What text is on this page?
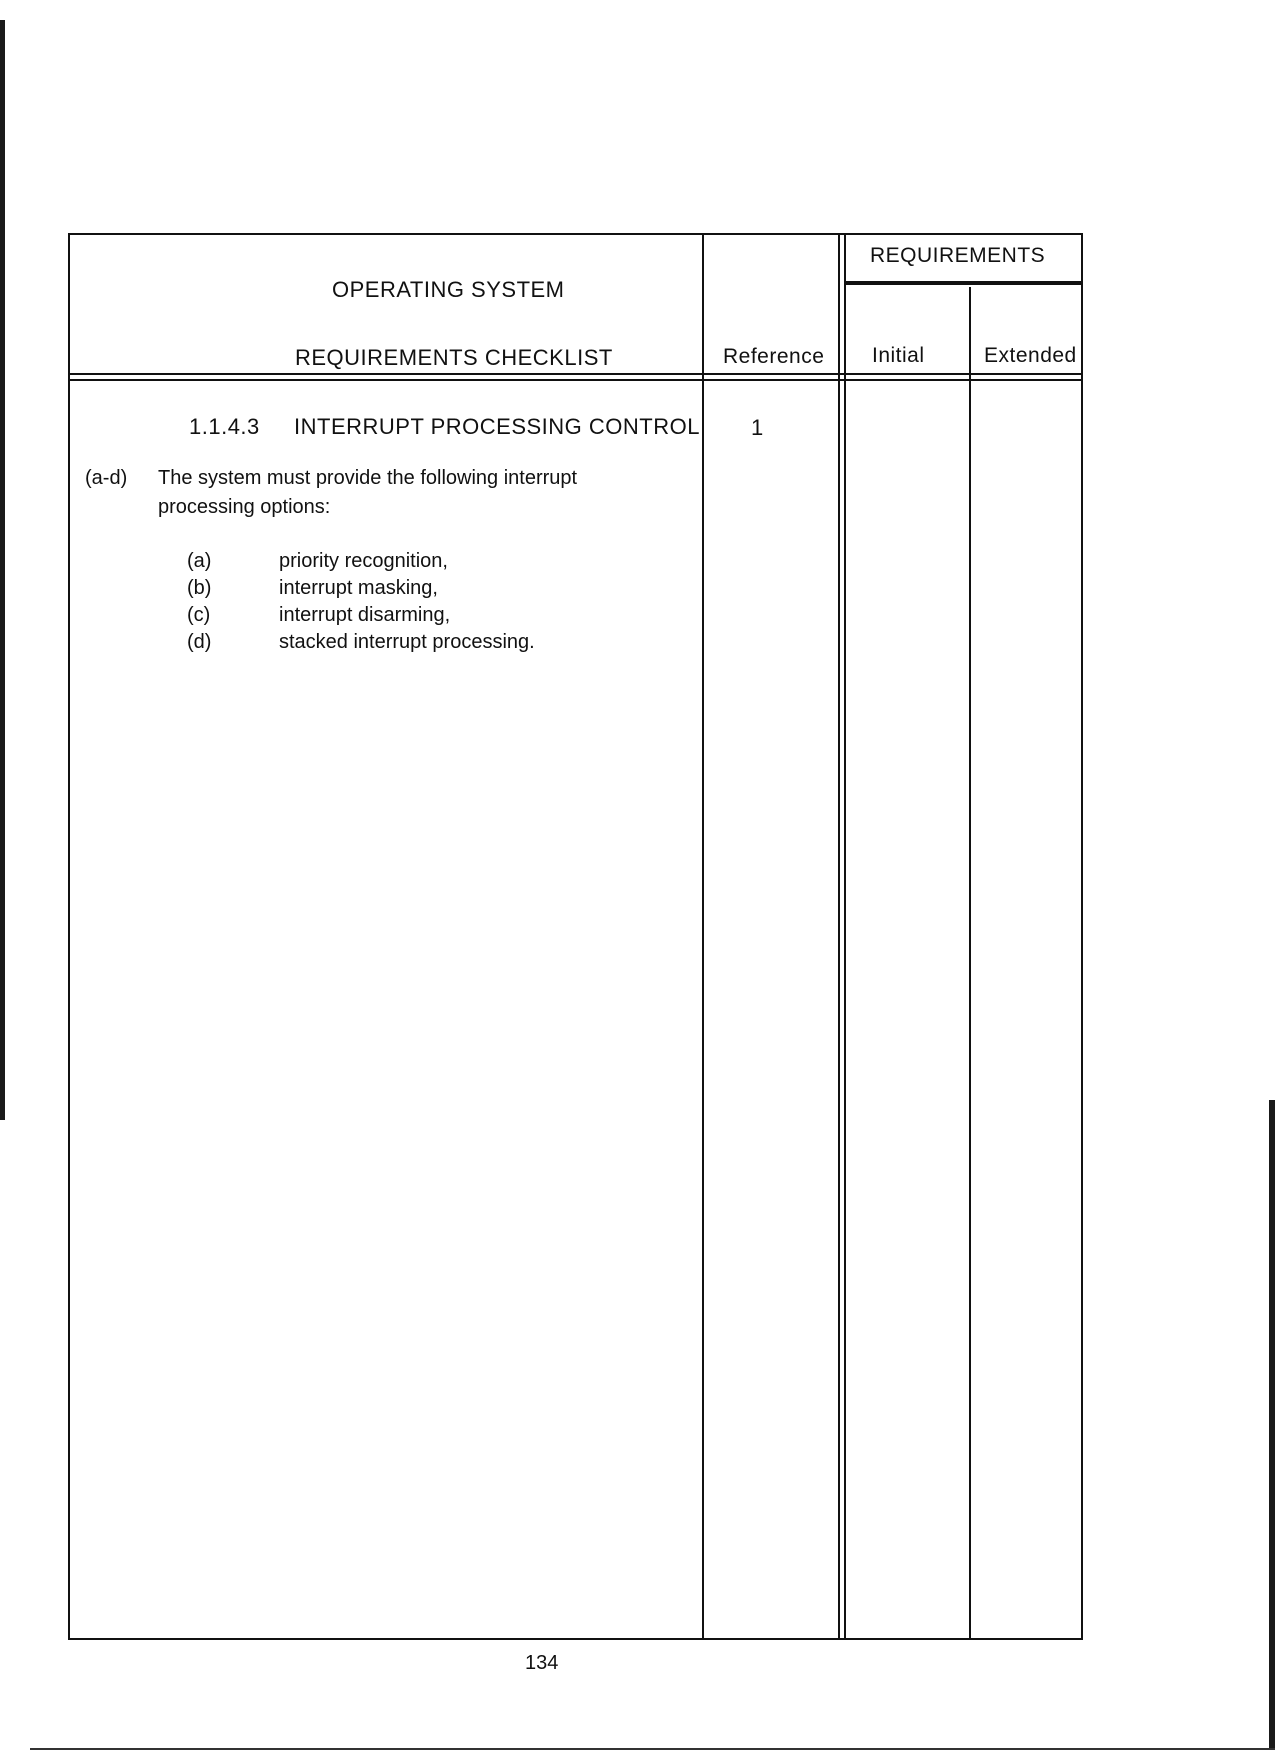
OPERATING SYSTEM
REQUIREMENTS CHECKLIST	Reference
REQUIREMENTS
Initial	Extended
1.1.4.3 INTERRUPT PROCESSING CONTROL 1
(a-d) The system must provide the following interrupt
processing options:
(a)	priority recognition,
(b)	interrupt masking,
(c)	interrupt disarming,
(d)	stacked interrupt processing.
134
